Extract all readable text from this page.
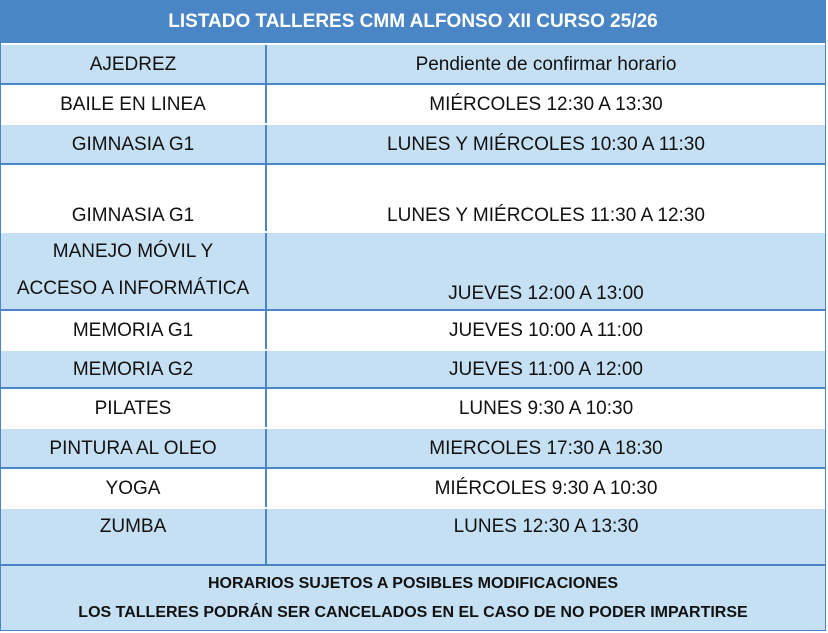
LISTADO TALLERES CMM ALFONSO XII CURSO 25/26
AJEDREZ	Pendiente de confirmar horario
BAILE EN LINEA	MIÉRCOLES 12:30 A 13:30
GIMNASIA G1	LUNES Y MIÉRCOLES 10:30 A 11:30
GIMNASIA G1	LUNES Y MIÉRCOLES 11:30 A 12:30
MANEJO MÓVIL Y
ACCESO A INFORMÁTICA	JUEVES 12:00 A 13:00
MEMORIA G1	JUEVES 10:00 A 11:00
MEMORIA G2	JUEVES 11:00 A 12:00
PILATES	LUNES 9:30 A 10:30
PINTURA AL OLEO	MIERCOLES 17:30 A 18:30
YOGA	MIÉRCOLES 9:30 A 10:30
ZUMBA	LUNES 12:30 A 13:30
HORARIOS SUJETOS A POSIBLES MODIFICACIONES
LOS TALLERES PODRÁN SER CANCELADOS EN EL CASO DE NO PODER IMPARTIRSE
